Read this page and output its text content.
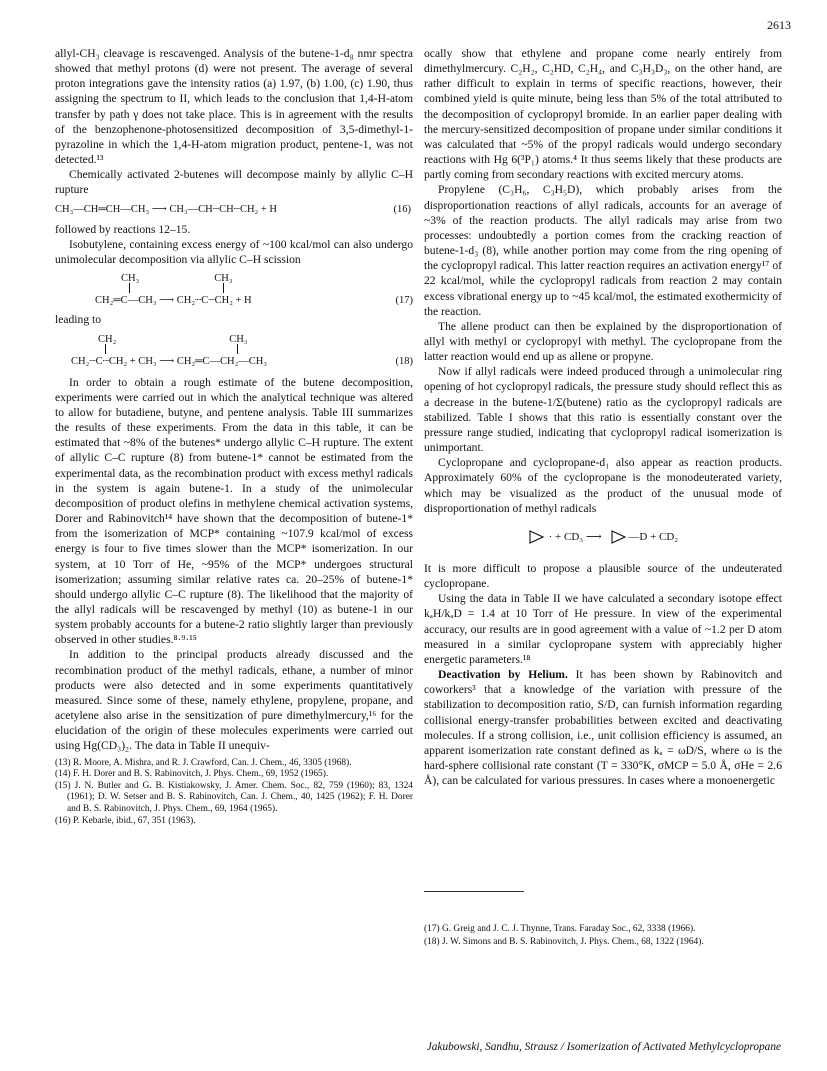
2613

allyl-CH₃ cleavage is rescavenged. Analysis of the butene-1-d₈ nmr spectra showed that methyl protons (d) were not present. The average of several proton integrations gave the intensity ratios (a) 1.97, (b) 1.00, (c) 1.90, thus assigning the spectrum to II, which leads to the conclusion that 1,4-H-atom transfer by path γ does not take place. This is in agreement with the results of the benzophenone-photosensitized decomposition of 3,5-dimethyl-1-pyrazoline in which the 1,4-H-atom migration product, pentene-1, was not detected.¹³

Chemically activated 2-butenes will decompose mainly by allylic C–H rupture

CH₃—CH═CH—CH₃ ⟶ CH₃—CH┈CH┈CH₂ + H	(16)

followed by reactions 12–15.

Isobutylene, containing excess energy of ~100 kcal/mol can also undergo unimolecular decomposition via allylic C–H scission

CH₃	CH₃
CH₂═C—CH₃ ⟶ CH₂┈C┈CH₂ + H	(17)

leading to

CH₂	CH₃
CH₂┈C┈CH₂ + CH₃ ⟶ CH₂═C—CH₂—CH₃	(18)

In order to obtain a rough estimate of the butene decomposition, experiments were carried out in which the analytical technique was altered to allow for butadiene, butyne, and pentene analysis. Table III summarizes the results of these experiments. From the data in this table, it can be estimated that ~8% of the butenes* undergo allylic C–H rupture. The extent of allylic C–C rupture (8) from butene-1* cannot be estimated from the experimental data, as the recombination product with excess methyl radicals in the system is again butene-1. In a study of the unimolecular decomposition of product olefins in methylene chemical activation systems, Dorer and Rabinovitch¹⁴ have shown that the decomposition of butene-1* from the isomerization of MCP* containing ~107.9 kcal/mol of excess energy is four to five times slower than the MCP* isomerization. In our system, at 10 Torr of He, ~95% of the MCP* undergoes structural isomerization; assuming similar relative rates ca. 20–25% of butene-1* should undergo allylic C–C rupture (8). The likelihood that the majority of the allyl radicals will be rescavenged by methyl (10) as butene-1 in our system probably accounts for a butene-2 ratio slightly larger than previously observed in other studies.⁸·⁹·¹⁵

In addition to the principal products already discussed and the recombination product of the methyl radicals, ethane, a number of minor products were also detected and in some experiments quantitatively measured. Since some of these, namely ethylene, propylene, propane, and acetylene also arise in the sensitization of pure dimethylmercury,¹⁶ for the elucidation of the origin of these molecules experiments were carried out using Hg(CD₃)₂. The data in Table II unequiv-

(13) R. Moore, A. Mishra, and R. J. Crawford, Can. J. Chem., 46, 3305 (1968).

(14) F. H. Dorer and B. S. Rabinovitch, J. Phys. Chem., 69, 1952 (1965).

(15) J. N. Butler and G. B. Kistiakowsky, J. Amer. Chem. Soc., 82, 759 (1960); 83, 1324 (1961); D. W. Setser and B. S. Rabinovitch, Can. J. Chem., 40, 1425 (1962); F. H. Dorer and B. S. Rabinovitch, J. Phys. Chem., 69, 1964 (1965).

(16) P. Kebarle, ibid., 67, 351 (1963).

ocally show that ethylene and propane come nearly entirely from dimethylmercury. C₂H₂, C₂HD, C₂H₄, and C₃H₃D₃, on the other hand, are rather difficult to explain in terms of specific reactions, however, their combined yield is quite minute, being less than 5% of the total attributed to the decomposition of cyclopropyl bromide. In an earlier paper dealing with the mercury-sensitized decomposition of propane under similar conditions it was calculated that ~5% of the propyl radicals would undergo secondary reactions with Hg 6(³P₁) atoms.⁴ It thus seems likely that these products are partly coming from secondary reactions with excited mercury atoms.

Propylene (C₃H₆, C₃H₅D), which probably arises from the disproportionation reactions of allyl radicals, accounts for an average of ~3% of the reaction products. The allyl radicals may arise from two processes: undoubtedly a portion comes from the cracking reaction of butene-1-d₃ (8), while another portion may come from the ring opening of the cyclopropyl radical. This latter reaction requires an activation energy¹⁷ of 22 kcal/mol, while the cyclopropyl radicals from reaction 2 may contain excess vibrational energy up to ~45 kcal/mol, the estimated exothermicity of the reaction.

The allene product can then be explained by the disproportionation of allyl with methyl or cyclopropyl with methyl. The cyclopropane from the latter reaction would end up as allene or propyne.

Now if allyl radicals were indeed produced through a unimolecular ring opening of hot cyclopropyl radicals, the pressure study should reflect this as a decrease in the butene-1/Σ(butene) ratio as the cyclopropyl radicals are stabilized. Table I shows that this ratio is essentially constant over the pressure range studied, indicating that cyclopropyl radical isomerization is unimportant.

Cyclopropane and cyclopropane-d₁ also appear as reaction products. Approximately 60% of the cyclopropane is the monodeuterated variety, which may be visualized as the product of the unusual mode of disproportionation of methyl radicals

· + CD₃ ⟶ —D + CD₂

It is more difficult to propose a plausible source of the undeuterated cyclopropane.

Using the data in Table II we have calculated a secondary isotope effect kₐH/kₐD = 1.4 at 10 Torr of He pressure. In view of the experimental accuracy, our results are in good agreement with a value of ~1.2 per D atom measured in a similar cyclopropane system with appreciably higher energetic parameters.¹⁸

Deactivation by Helium. It has been shown by Rabinovitch and coworkers³ that a knowledge of the variation with pressure of the stabilization to decomposition ratio, S/D, can furnish information regarding collisional energy-transfer probabilities between excited and deactivating molecules. If a strong collision, i.e., unit collision efficiency is assumed, an apparent isomerization rate constant defined as kₐ = ωD/S, where ω is the hard-sphere collisional rate constant (T = 330°K, σMCP = 5.0 Å, σHe = 2.6 Å), can be calculated for various pressures. In cases where a monoenergetic

(17) G. Greig and J. C. J. Thynne, Trans. Faraday Soc., 62, 3338 (1966).

(18) J. W. Simons and B. S. Rabinovitch, J. Phys. Chem., 68, 1322 (1964).

Jakubowski, Sandhu, Strausz / Isomerization of Activated Methylcyclopropane
